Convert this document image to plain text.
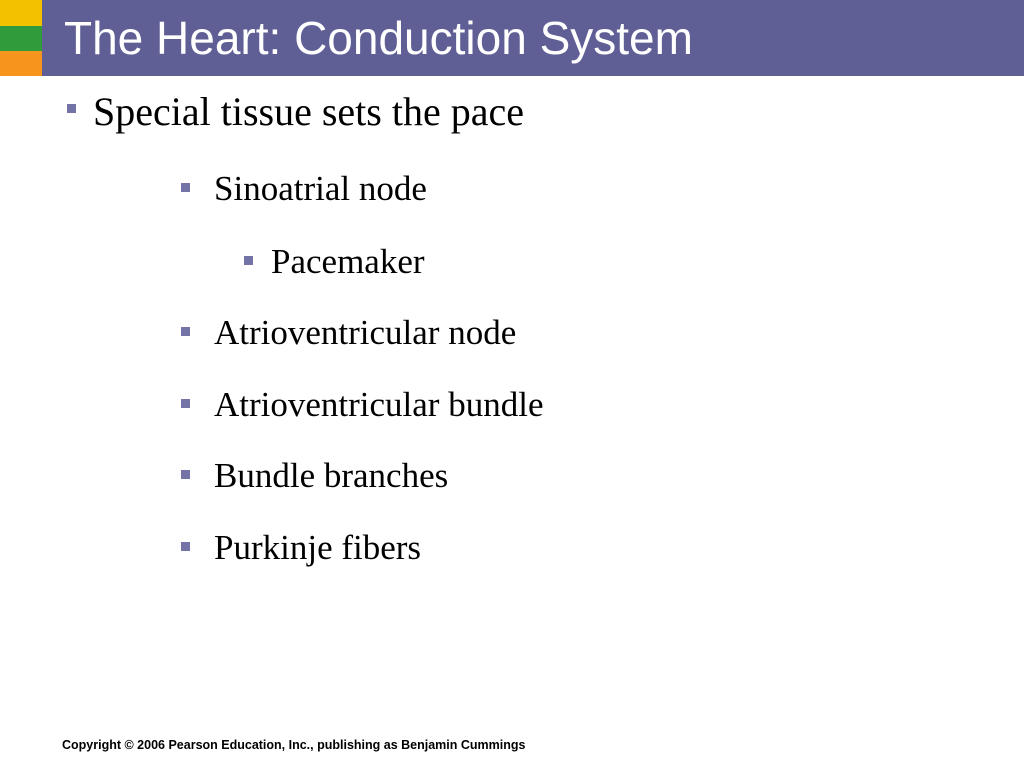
The Heart: Conduction System
Special tissue sets the pace
Sinoatrial node
Pacemaker
Atrioventricular node
Atrioventricular bundle
Bundle branches
Purkinje fibers
Copyright © 2006 Pearson Education, Inc., publishing as Benjamin Cummings
